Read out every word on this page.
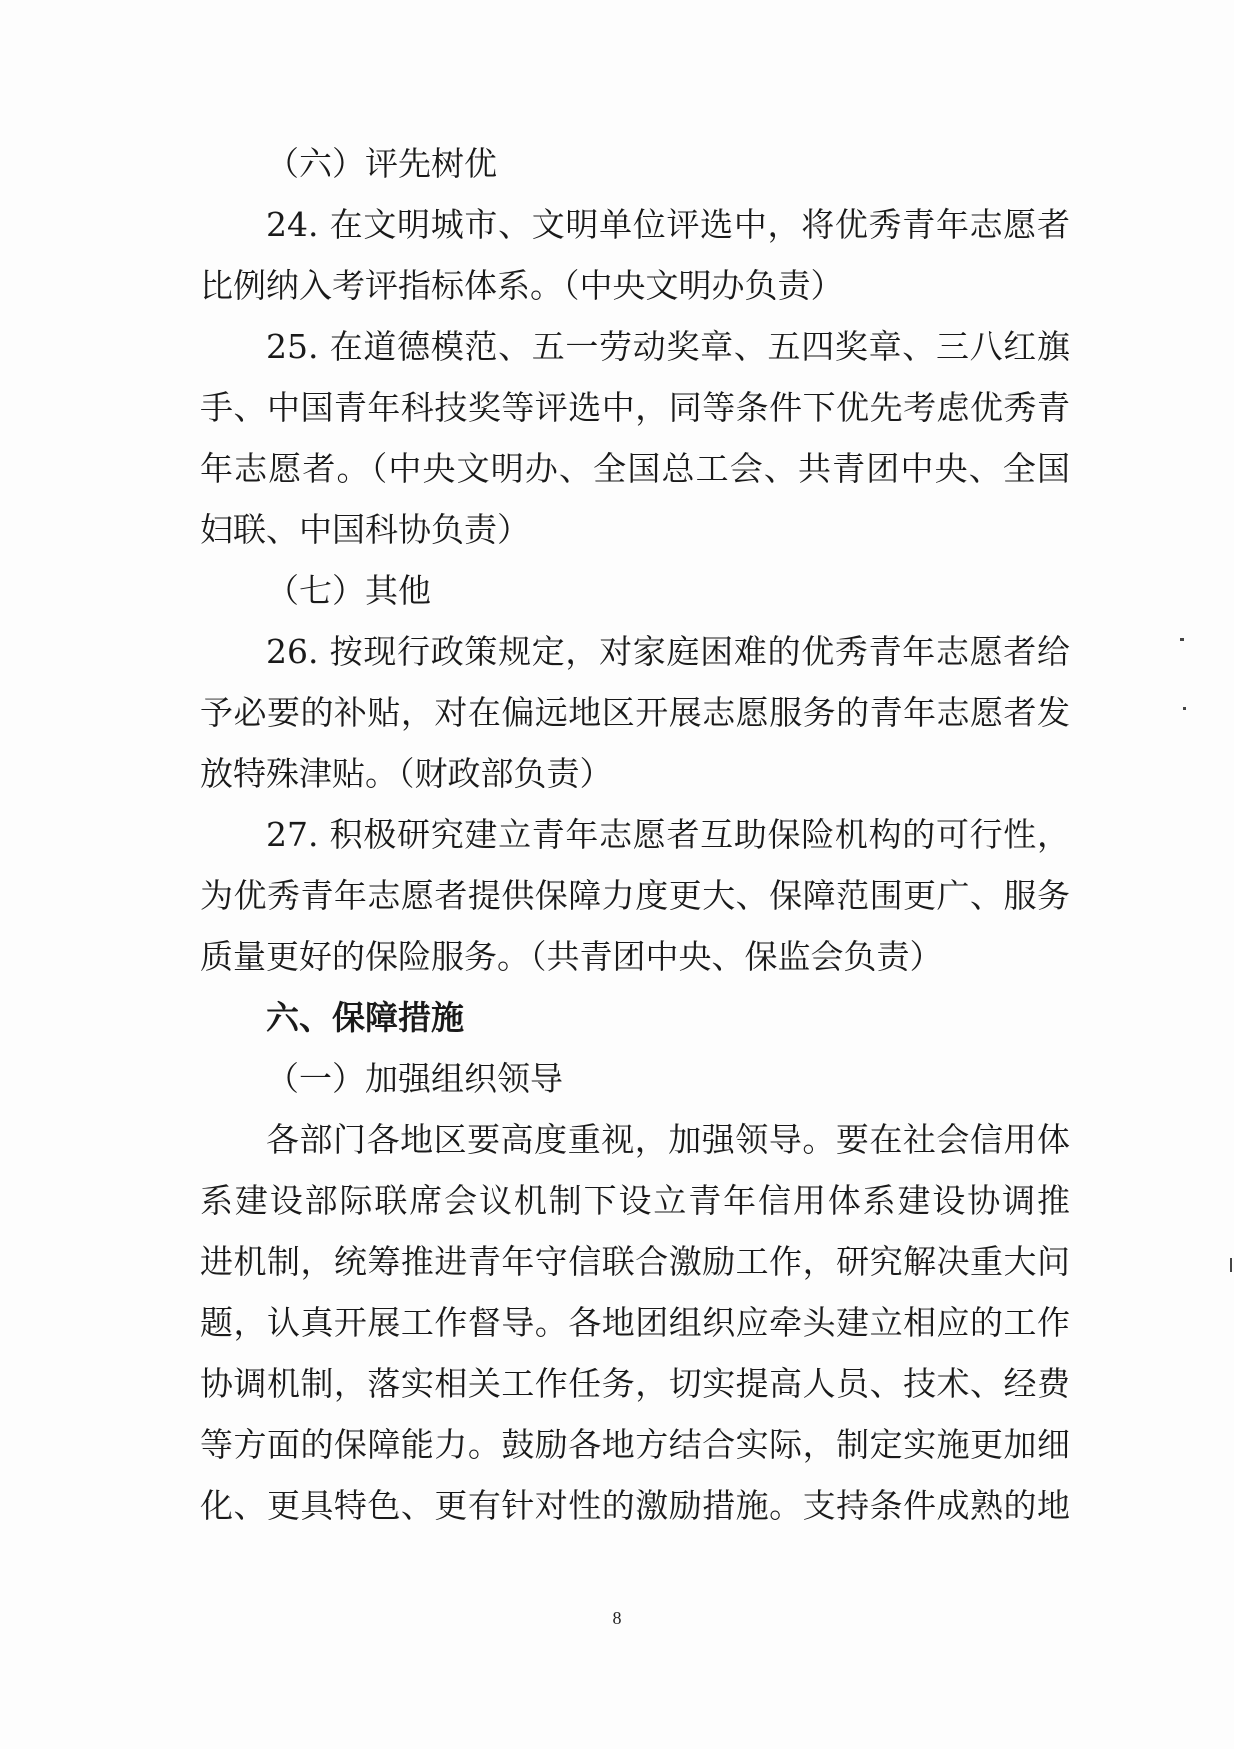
（六）评先树优
24. 在文明城市、文明单位评选中，将优秀青年志愿者
比例纳入考评指标体系。（中央文明办负责）
25. 在道德模范、五一劳动奖章、五四奖章、三八红旗
手、中国青年科技奖等评选中，同等条件下优先考虑优秀青
年志愿者。（中央文明办、全国总工会、共青团中央、全国
妇联、中国科协负责）
（七）其他
26. 按现行政策规定，对家庭困难的优秀青年志愿者给
予必要的补贴，对在偏远地区开展志愿服务的青年志愿者发
放特殊津贴。（财政部负责）
27. 积极研究建立青年志愿者互助保险机构的可行性，
为优秀青年志愿者提供保障力度更大、保障范围更广、服务
质量更好的保险服务。（共青团中央、保监会负责）
六、保障措施
（一）加强组织领导
各部门各地区要高度重视，加强领导。要在社会信用体
系建设部际联席会议机制下设立青年信用体系建设协调推
进机制，统筹推进青年守信联合激励工作，研究解决重大问
题，认真开展工作督导。各地团组织应牵头建立相应的工作
协调机制，落实相关工作任务，切实提高人员、技术、经费
等方面的保障能力。鼓励各地方结合实际，制定实施更加细
化、更具特色、更有针对性的激励措施。支持条件成熟的地
8
